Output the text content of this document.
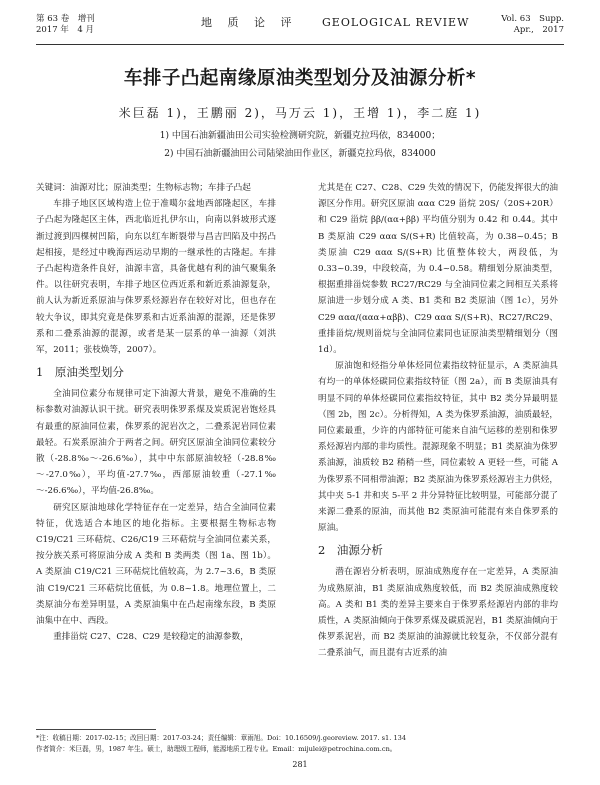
第 63 卷　增刊
2017 年　4 月
地 质 论 评 GEOLOGICAL REVIEW	Vol. 63　Supp.
Apr.,　2017
车排子凸起南缘原油类型划分及油源分析*
米巨磊 1)，王鹏丽 2)，马万云 1)，王增 1)，李二庭 1)
1) 中国石油新疆油田公司实验检测研究院，新疆克拉玛依，834000；
2) 中国石油新疆油田公司陆梁油田作业区，新疆克拉玛依，834000

关键词：油源对比；原油类型；生物标志物；车排子凸起

车排子地区区域构造上位于准噶尔盆地西部隆起区，车排子凸起为隆起区主体，西北临近扎伊尔山，向南以斜坡形式逐渐过渡到四棵树凹陷，向东以红车断裂带与昌吉凹陷及中拐凸起相接，是经过中晚海西运动早期的一继承性的古隆起。车排子凸起构造条件良好，油源丰富，具备优越有利的油气聚集条件。以往研究表明，车排子地区位西近系和新近系油源复杂，前人认为新近系原油与侏罗系烃源岩存在较好对比，但也存在较大争议，即其究竟是侏罗系和古近系油源的混源，还是侏罗系和二叠系油源的混源，或者是某一层系的单一油源（刘洪军，2011；张枝焕等，2007）。

1　原油类型划分

全油同位素分布规律可定下油源大背景，避免不准确的生标参数对油源认识干扰。研究表明侏罗系煤及炭质泥岩饱烃具有最重的原油同位素，侏罗系的泥岩次之，二叠系泥岩同位素最轻。石炭系原油介于两者之间。研究区原油全油同位素较分散（-28.8‰～-26.6‰），其中中东部原油较轻（-28.8‰～-27.0‰），平均值-27.7‰，西部原油较重（-27.1‰～-26.6‰），平均值-26.8‰。

研究区原油地球化学特征存在一定差异，结合全油同位素特征，优选适合本地区的地化指标。主要根据生物标志物 C19/C21 三环萜烷、C26/C19 三环萜烷与全油同位素关系，按分族关系可将原油分成 A 类和 B 类两类（图 1a、图 1b）。A 类原油 C19/C21 三环萜烷比值较高，为 2.7~3.6，B 类原油 C19/C21 三环萜烷比值低，为 0.8~1.8。地理位置上，二类原油分布差异明显，A 类原油集中在凸起南缘东段，B 类原油集中在中、西段。

重排甾烷 C27、C28、C29 是较稳定的油源参数，

尤其是在 C27、C28、C29 失效的情况下，仍能发挥很大的油源区分作用。研究区原油 ααα C29 甾烷 20S/（20S+20R）和 C29 甾烷 ββ/(αα+ββ) 平均值分别为 0.42 和 0.44。其中 B 类原油 C29 ααα S/(S+R) 比值较高，为 0.38~0.45；B 类原油 C29 ααα S/(S+R) 比值整体较大，两段低，为 0.33~0.39，中段较高，为 0.4~0.58。精细划分原油类型，根据重排甾烷参数 RC27/RC29 与全油同位素之间相互关系将原油进一步划分成 A 类、B1 类和 B2 类原油（图 1c），另外 C29 ααα/(ααα+αββ)、C29 ααα S/(S+R)、RC27/RC29、重排甾烷/规则甾烷与全油同位素同也证原油类型精细划分（图 1d）。

原油饱和烃指分单体烃同位素指纹特征显示，A 类原油具有均一的单体烃碳同位素指纹特征（图 2a），而 B 类原油具有明显不同的单体烃碳同位素指纹特征，其中 B2 类分异最明显（图 2b，图 2c）。分析得知，A 类为侏罗系油源，油质最轻，同位素最重，少许的内部特征可能来自油气运移的差别和侏罗系烃源岩内部的非均质性。混源现象不明显；B1 类原油为侏罗系油源，油质较 B2 稍稍一些，同位素较 A 更轻一些，可能 A 为侏罗系不同相带油源；B2 类原油为侏罗系烃源岩主力供烃，其中夹 5-1 井和夹 5-平 2 井分异特征比较明显，可能部分混了来源二叠系的原油，而其他 B2 类原油可能混有来自侏罗系的原油。

2　油源分析

潜在源岩分析表明，原油成熟度存在一定差异，A 类原油为成熟原油，B1 类原油成熟度较低，而 B2 类原油成熟度较高。A 类和 B1 类的差异主要来自于侏罗系烃源岩内部的非均质性，A 类原油倾向于侏罗系煤及碳质泥岩，B1 类原油倾向于侏罗系泥岩，而 B2 类原油的油源就比较复杂，不仅部分混有二叠系油气，而且混有古近系的油

*注：收稿日期：2017-02-15；改回日期：2017-03-24；责任编辑：章雨旭。Doi：10.16509/j.georeview. 2017. s1. 134
作者简介：米巨磊，男，1987 年生。硕士，助理级工程师，能源地质工程专业。Email：mijulei@petrochina.com.cn。
281
